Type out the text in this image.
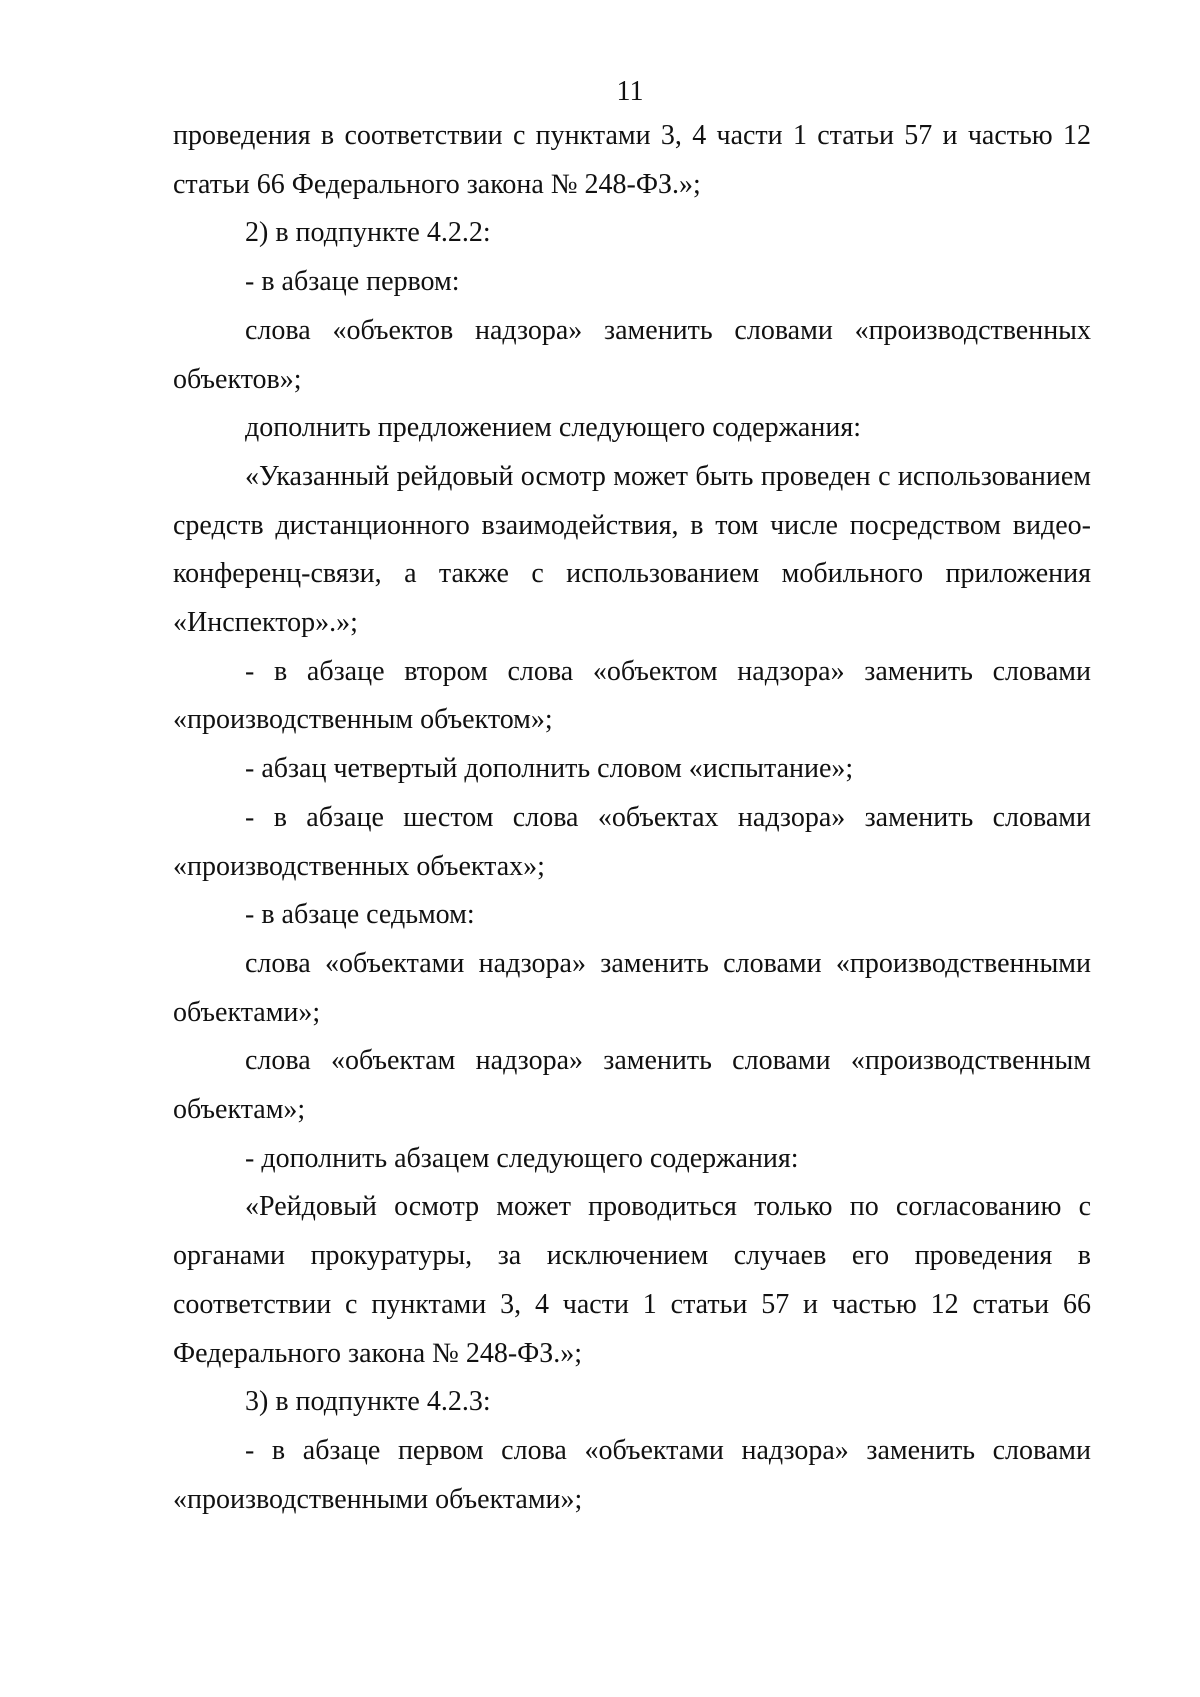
11

проведения в соответствии с пунктами 3, 4 части 1 статьи 57 и частью 12 статьи 66 Федерального закона № 248-ФЗ.»;

2) в подпункте 4.2.2:

- в абзаце первом:

слова «объектов надзора» заменить словами «производственных объектов»;

дополнить предложением следующего содержания:

«Указанный рейдовый осмотр может быть проведен с использованием средств дистанционного взаимодействия, в том числе посредством видео-конференц-связи, а также с использованием мобильного приложения «Инспектор».»;

- в абзаце втором слова «объектом надзора» заменить словами «производственным объектом»;

- абзац четвертый дополнить словом «испытание»;

- в абзаце шестом слова «объектах надзора» заменить словами «производственных объектах»;

- в абзаце седьмом:

слова «объектами надзора» заменить словами «производственными объектами»;

слова «объектам надзора» заменить словами «производственным объектам»;

- дополнить абзацем следующего содержания:

«Рейдовый осмотр может проводиться только по согласованию с органами прокуратуры, за исключением случаев его проведения в соответствии с пунктами 3, 4 части 1 статьи 57 и частью 12 статьи 66 Федерального закона № 248-ФЗ.»;

3) в подпункте 4.2.3:

- в абзаце первом слова «объектами надзора» заменить словами «производственными объектами»;
